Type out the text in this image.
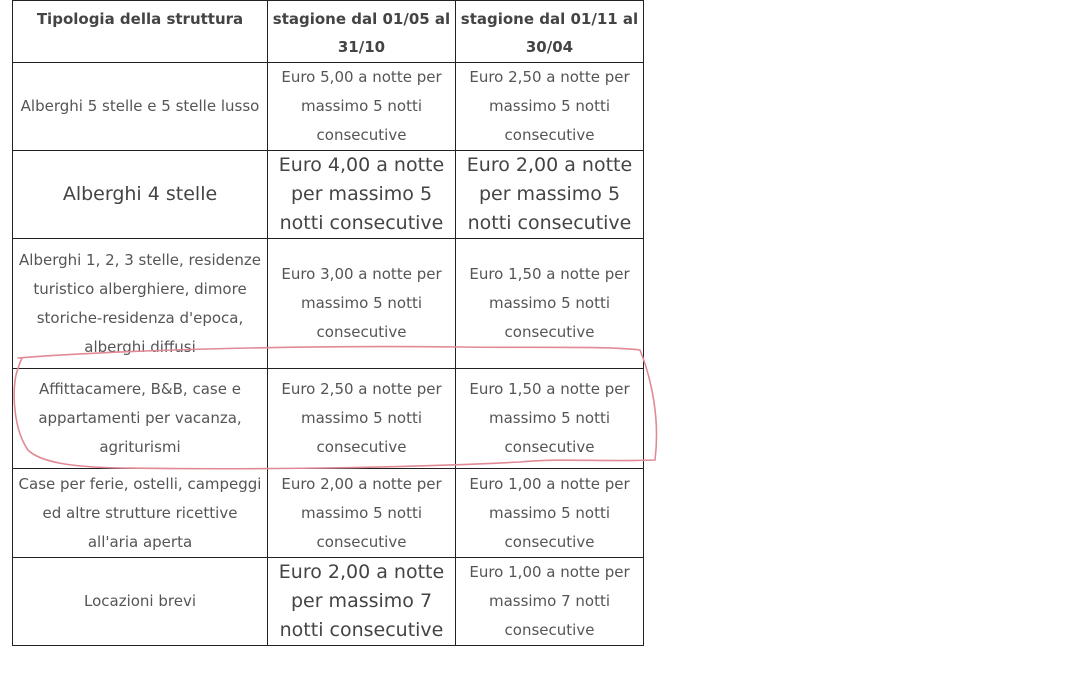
Tipologia della struttura	stagione dal 01/05 al 31/10	stagione dal 01/11 al 30/04
Alberghi 5 stelle e 5 stelle lusso	Euro 5,00 a notte per massimo 5 notti consecutive	Euro 2,50 a notte per massimo 5 notti consecutive
Alberghi 4 stelle	Euro 4,00 a notte per massimo 5 notti consecutive	Euro 2,00 a notte per massimo 5 notti consecutive
Alberghi 1, 2, 3 stelle, residenze turistico alberghiere, dimore storiche-residenza d'epoca, alberghi diffusi	Euro 3,00 a notte per massimo 5 notti consecutive	Euro 1,50 a notte per massimo 5 notti consecutive
Affittacamere, B&B, case e appartamenti per vacanza, agriturismi	Euro 2,50 a notte per massimo 5 notti consecutive	Euro 1,50 a notte per massimo 5 notti consecutive
Case per ferie, ostelli, campeggi ed altre strutture ricettive all'aria aperta	Euro 2,00 a notte per massimo 5 notti consecutive	Euro 1,00 a notte per massimo 5 notti consecutive
Locazioni brevi	Euro 2,00 a notte per massimo 7 notti consecutive	Euro 1,00 a notte per massimo 7 notti consecutive
